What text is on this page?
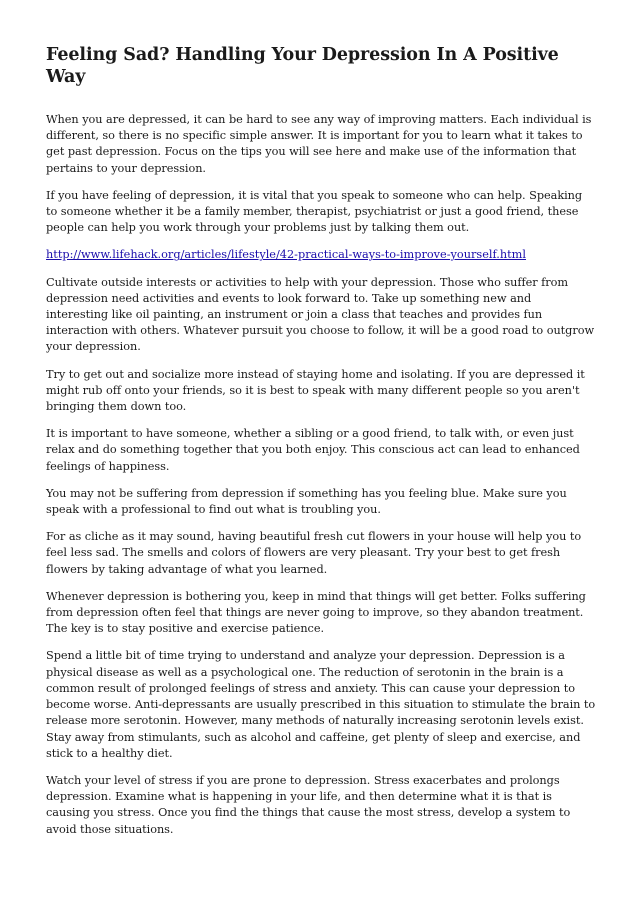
Feeling Sad? Handling Your Depression In A Positive Way

When you are depressed, it can be hard to see any way of improving matters. Each individual is different, so there is no specific simple answer. It is important for you to learn what it takes to get past depression. Focus on the tips you will see here and make use of the information that pertains to your depression.

If you have feeling of depression, it is vital that you speak to someone who can help. Speaking to someone whether it be a family member, therapist, psychiatrist or just a good friend, these people can help you work through your problems just by talking them out.

http://www.lifehack.org/articles/lifestyle/42-practical-ways-to-improve-yourself.html

Cultivate outside interests or activities to help with your depression. Those who suffer from depression need activities and events to look forward to. Take up something new and interesting like oil painting, an instrument or join a class that teaches and provides fun interaction with others. Whatever pursuit you choose to follow, it will be a good road to outgrow your depression.

Try to get out and socialize more instead of staying home and isolating. If you are depressed it might rub off onto your friends, so it is best to speak with many different people so you aren't bringing them down too.

It is important to have someone, whether a sibling or a good friend, to talk with, or even just relax and do something together that you both enjoy. This conscious act can lead to enhanced feelings of happiness.

You may not be suffering from depression if something has you feeling blue. Make sure you speak with a professional to find out what is troubling you.

For as cliche as it may sound, having beautiful fresh cut flowers in your house will help you to feel less sad. The smells and colors of flowers are very pleasant. Try your best to get fresh flowers by taking advantage of what you learned.

Whenever depression is bothering you, keep in mind that things will get better. Folks suffering from depression often feel that things are never going to improve, so they abandon treatment. The key is to stay positive and exercise patience.

Spend a little bit of time trying to understand and analyze your depression. Depression is a physical disease as well as a psychological one. The reduction of serotonin in the brain is a common result of prolonged feelings of stress and anxiety. This can cause your depression to become worse. Anti-depressants are usually prescribed in this situation to stimulate the brain to release more serotonin. However, many methods of naturally increasing serotonin levels exist. Stay away from stimulants, such as alcohol and caffeine, get plenty of sleep and exercise, and stick to a healthy diet.

Watch your level of stress if you are prone to depression. Stress exacerbates and prolongs depression. Examine what is happening in your life, and then determine what it is that is causing you stress. Once you find the things that cause the most stress, develop a system to avoid those situations.
